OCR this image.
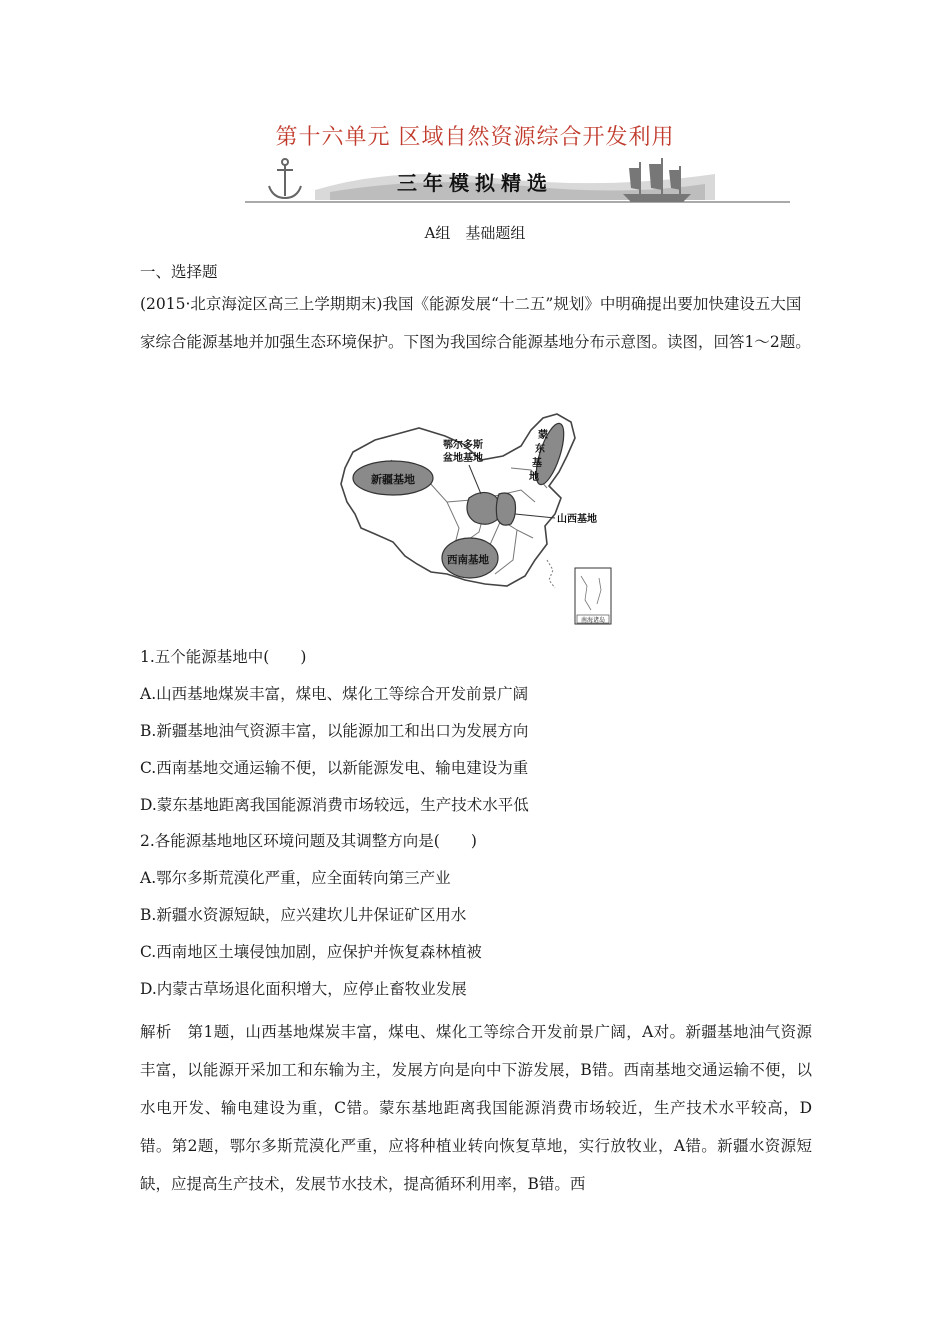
第十六单元 区域自然资源综合开发利用
三年模拟精选
A组　基础题组
一、选择题
(2015·北京海淀区高三上学期期末)我国《能源发展“十二五”规划》中明确提出要加快建设五大国家综合能源基地并加强生态环境保护。下图为我国综合能源基地分布示意图。读图，回答1～2题。
新疆基地
鄂尔多斯
盆地基地
蒙
东
基
地
山西基地
西南基地
南海诸岛
1.五个能源基地中(　　)
A.山西基地煤炭丰富，煤电、煤化工等综合开发前景广阔
B.新疆基地油气资源丰富，以能源加工和出口为发展方向
C.西南基地交通运输不便，以新能源发电、输电建设为重
D.蒙东基地距离我国能源消费市场较远，生产技术水平低
2.各能源基地地区环境问题及其调整方向是(　　)
A.鄂尔多斯荒漠化严重，应全面转向第三产业
B.新疆水资源短缺，应兴建坎儿井保证矿区用水
C.西南地区土壤侵蚀加剧，应保护并恢复森林植被
D.内蒙古草场退化面积增大，应停止畜牧业发展
解析　第1题，山西基地煤炭丰富，煤电、煤化工等综合开发前景广阔，A对。新疆基地油气资源丰富，以能源开采加工和东输为主，发展方向是向中下游发展，B错。西南基地交通运输不便，以水电开发、输电建设为重，C错。蒙东基地距离我国能源消费市场较近，生产技术水平较高，D错。第2题，鄂尔多斯荒漠化严重，应将种植业转向恢复草地，实行放牧业，A错。新疆水资源短缺，应提高生产技术，发展节水技术，提高循环利用率，B错。西
